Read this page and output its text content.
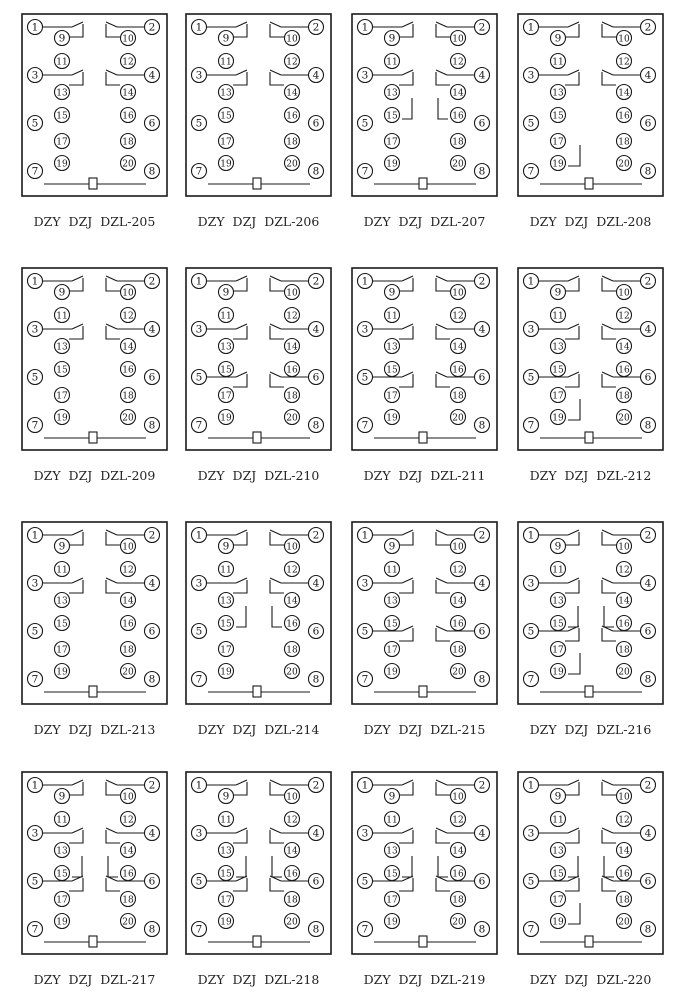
1	2
3	4
5	6
7	8
9	10
11	12
13	14
15	16
17	18
19	20
DZY  DZJ  DZL-205
1	2
3	4
5	6
7	8
9	10
11	12
13	14
15	16
17	18
19	20
DZY  DZJ  DZL-206
1	2
3	4
5	6
7	8
9	10
11	12
13	14
15	16
17	18
19	20
DZY  DZJ  DZL-207
1	2
3	4
5	6
7	8
9	10
11	12
13	14
15	16
17	18
19	20
DZY  DZJ  DZL-208
1	2
3	4
5	6
7	8
9	10
11	12
13	14
15	16
17	18
19	20
DZY  DZJ  DZL-209
1	2
3	4
5	6
7	8
9	10
11	12
13	14
15	16
17	18
19	20
DZY  DZJ  DZL-210
1	2
3	4
5	6
7	8
9	10
11	12
13	14
15	16
17	18
19	20
DZY  DZJ  DZL-211
1	2
3	4
5	6
7	8
9	10
11	12
13	14
15	16
17	18
19	20
DZY  DZJ  DZL-212
1	2
3	4
5	6
7	8
9	10
11	12
13	14
15	16
17	18
19	20
DZY  DZJ  DZL-213
1	2
3	4
5	6
7	8
9	10
11	12
13	14
15	16
17	18
19	20
DZY  DZJ  DZL-214
1	2
3	4
5	6
7	8
9	10
11	12
13	14
15	16
17	18
19	20
DZY  DZJ  DZL-215
1	2
3	4
5	6
7	8
9	10
11	12
13	14
15	16
17	18
19	20
DZY  DZJ  DZL-216
1	2
3	4
5	6
7	8
9	10
11	12
13	14
15	16
17	18
19	20
DZY  DZJ  DZL-217
1	2
3	4
5	6
7	8
9	10
11	12
13	14
15	16
17	18
19	20
DZY  DZJ  DZL-218
1	2
3	4
5	6
7	8
9	10
11	12
13	14
15	16
17	18
19	20
DZY  DZJ  DZL-219
1	2
3	4
5	6
7	8
9	10
11	12
13	14
15	16
17	18
19	20
DZY  DZJ  DZL-220
